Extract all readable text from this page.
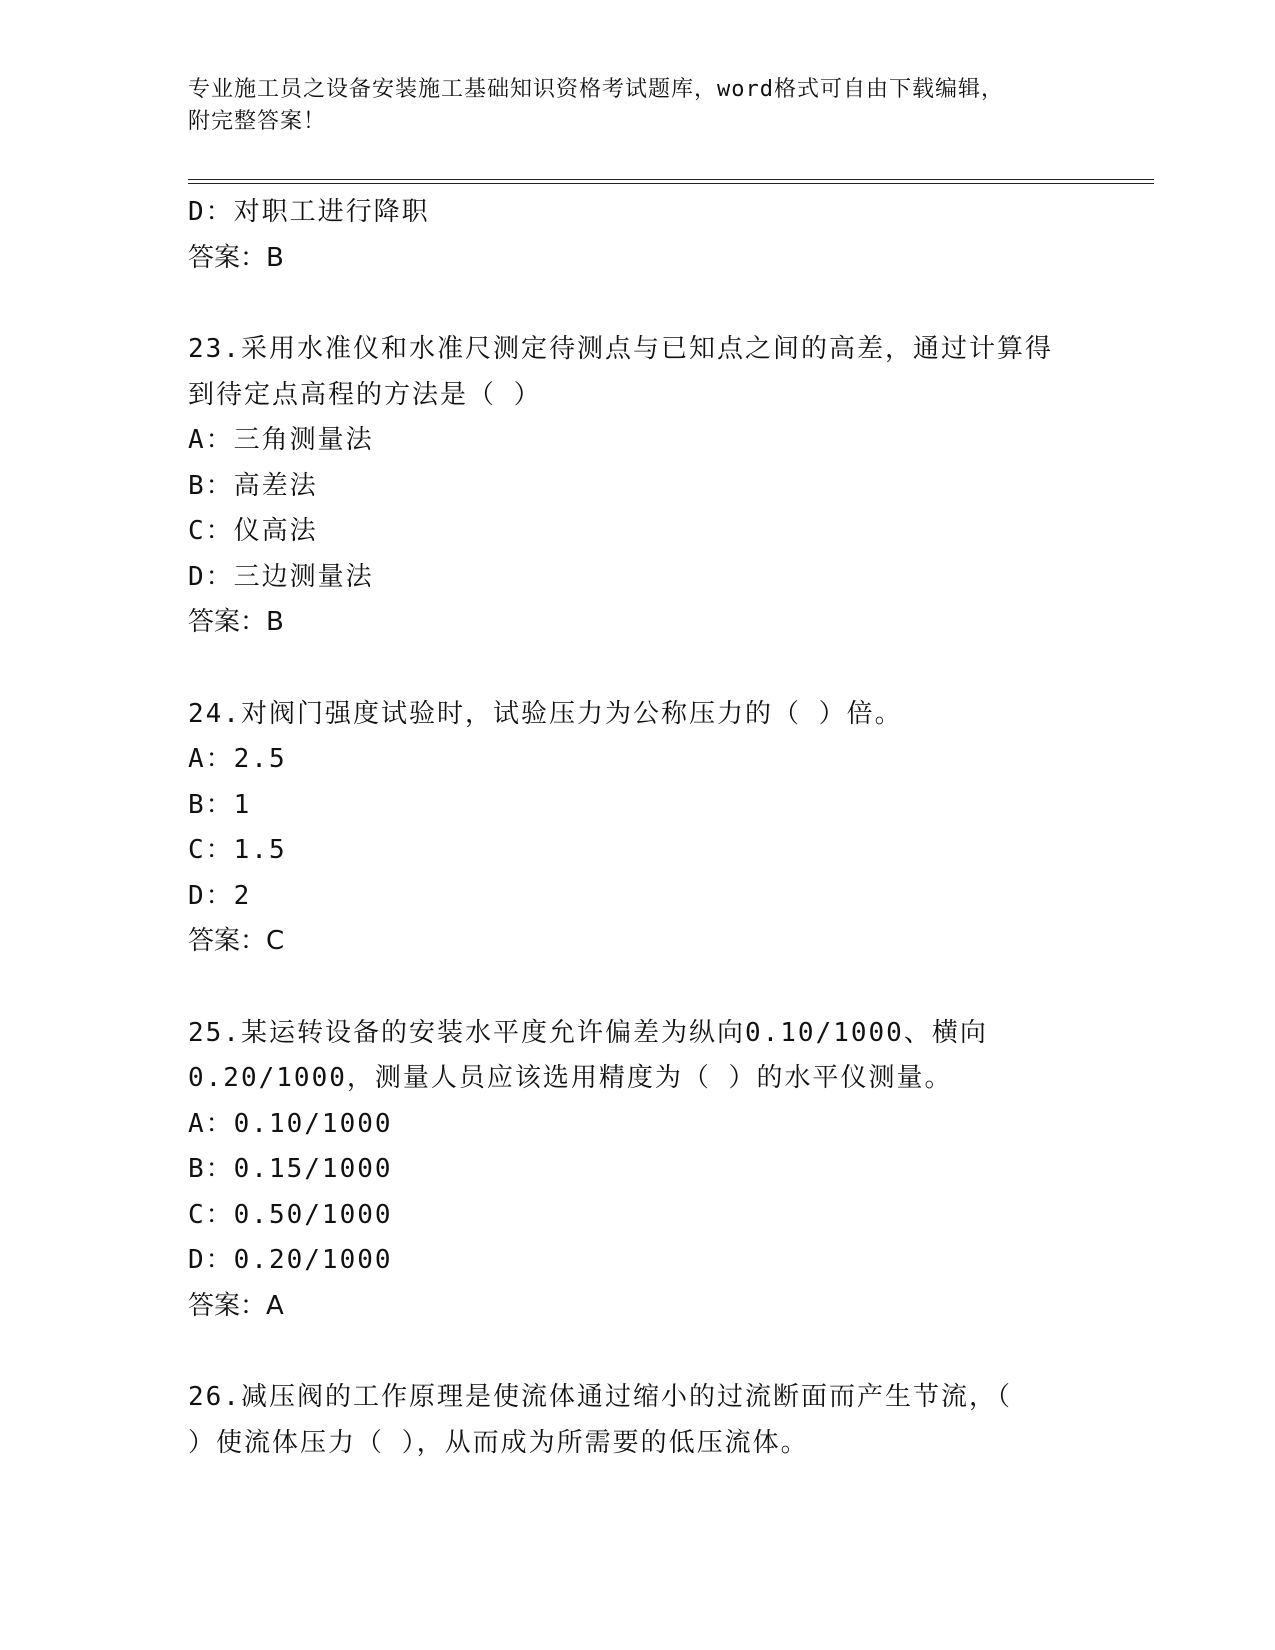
专业施工员之设备安装施工基础知识资格考试题库，word格式可自由下载编辑，
附完整答案！
D：对职工进行降职
答案：B
23.采用水准仪和水准尺测定待测点与已知点之间的高差，通过计算得
到待定点高程的方法是（ ）
A：三角测量法
B：高差法
C：仪高法
D：三边测量法
答案：B
24.对阀门强度试验时，试验压力为公称压力的（ ）倍。
A：2.5
B：1
C：1.5
D：2
答案：C
25.某运转设备的安装水平度允许偏差为纵向0.10/1000、横向
0.20/1000，测量人员应该选用精度为（ ）的水平仪测量。
A：0.10/1000
B：0.15/1000
C：0.50/1000
D：0.20/1000
答案：A
26.减压阀的工作原理是使流体通过缩小的过流断面而产生节流，（
）使流体压力（ ），从而成为所需要的低压流体。
